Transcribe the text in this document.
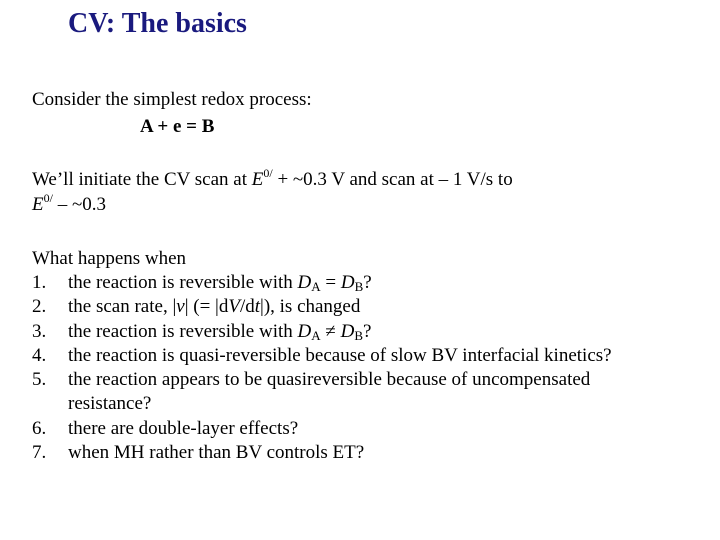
CV: The basics
Consider the simplest redox process:
A + e = B
We’ll initiate the CV scan at $E^{0/}$ + ~0.3 V and scan at – 1 V/s to
$E^{0/}$ – ~0.3
What happens when
1. the reaction is reversible with $D_A = D_B$?
2. the scan rate, |v| (= |dV/dt|), is changed
3. the reaction is reversible with $D_A \ne D_B$?
4. the reaction is quasi-reversible because of slow BV interfacial kinetics?
5. the reaction appears to be quasireversible because of uncompensated
resistance?
6. there are double-layer effects?
7. when MH rather than BV controls ET?
